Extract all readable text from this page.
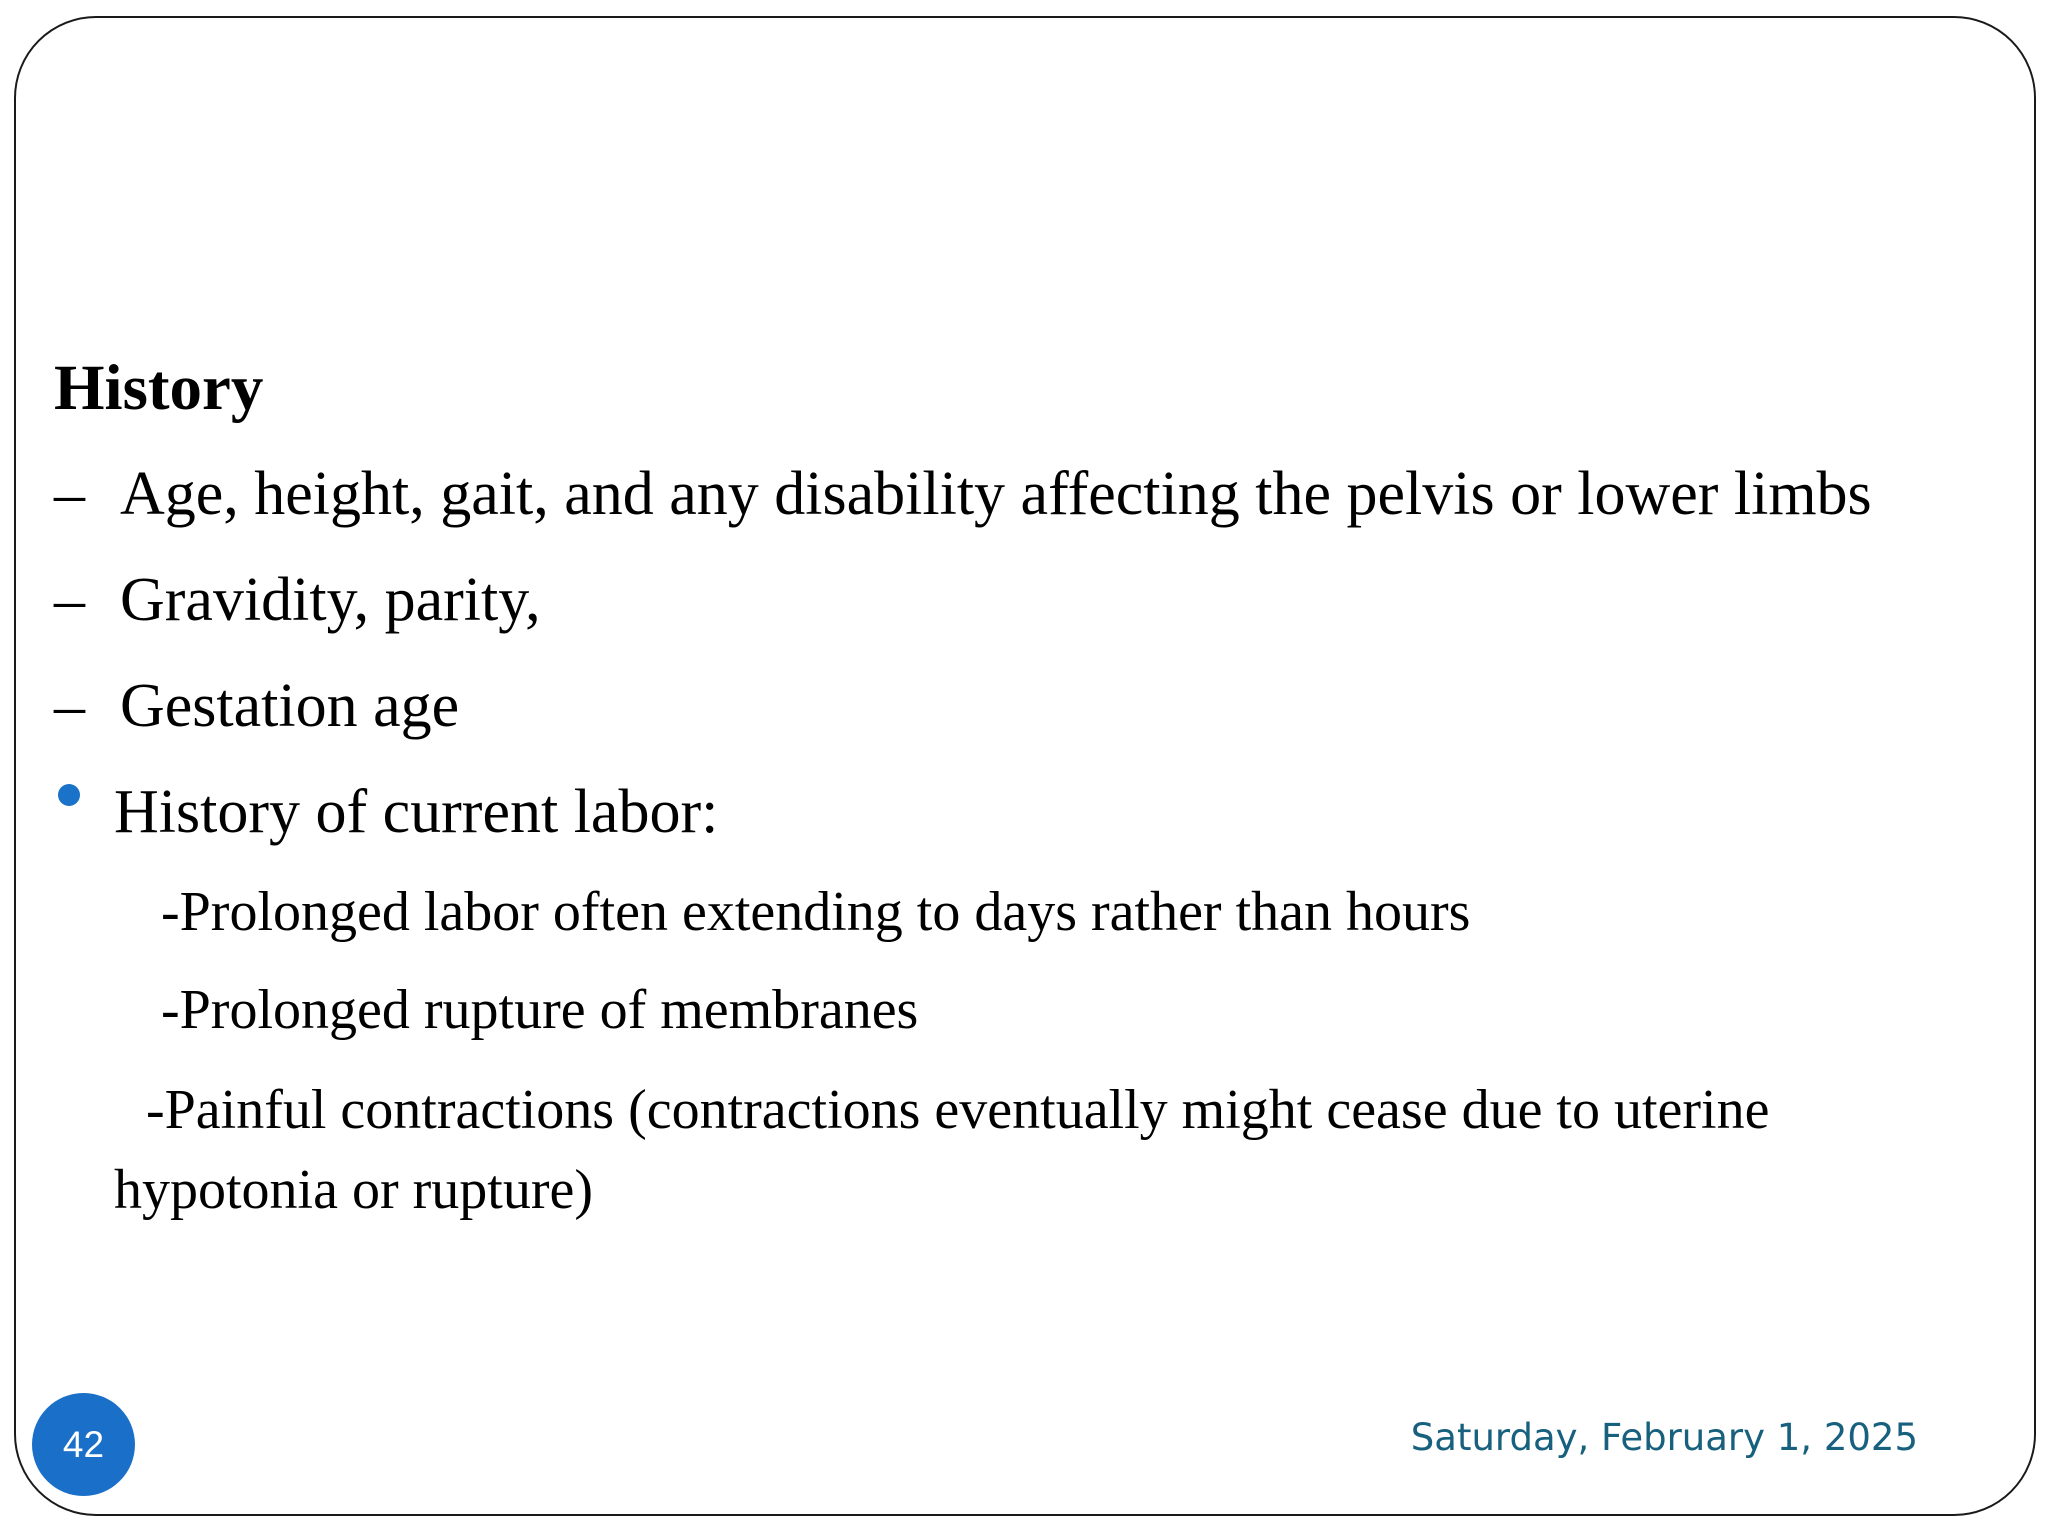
History
– Age, height, gait, and any disability affecting the pelvis or lower limbs
– Gravidity, parity,
– Gestation age
History of current labor:
-Prolonged labor often extending to days rather than hours
-Prolonged rupture of membranes
-Painful contractions (contractions eventually might cease due to uterine
hypotonia or rupture)
42	Saturday, February 1, 2025
